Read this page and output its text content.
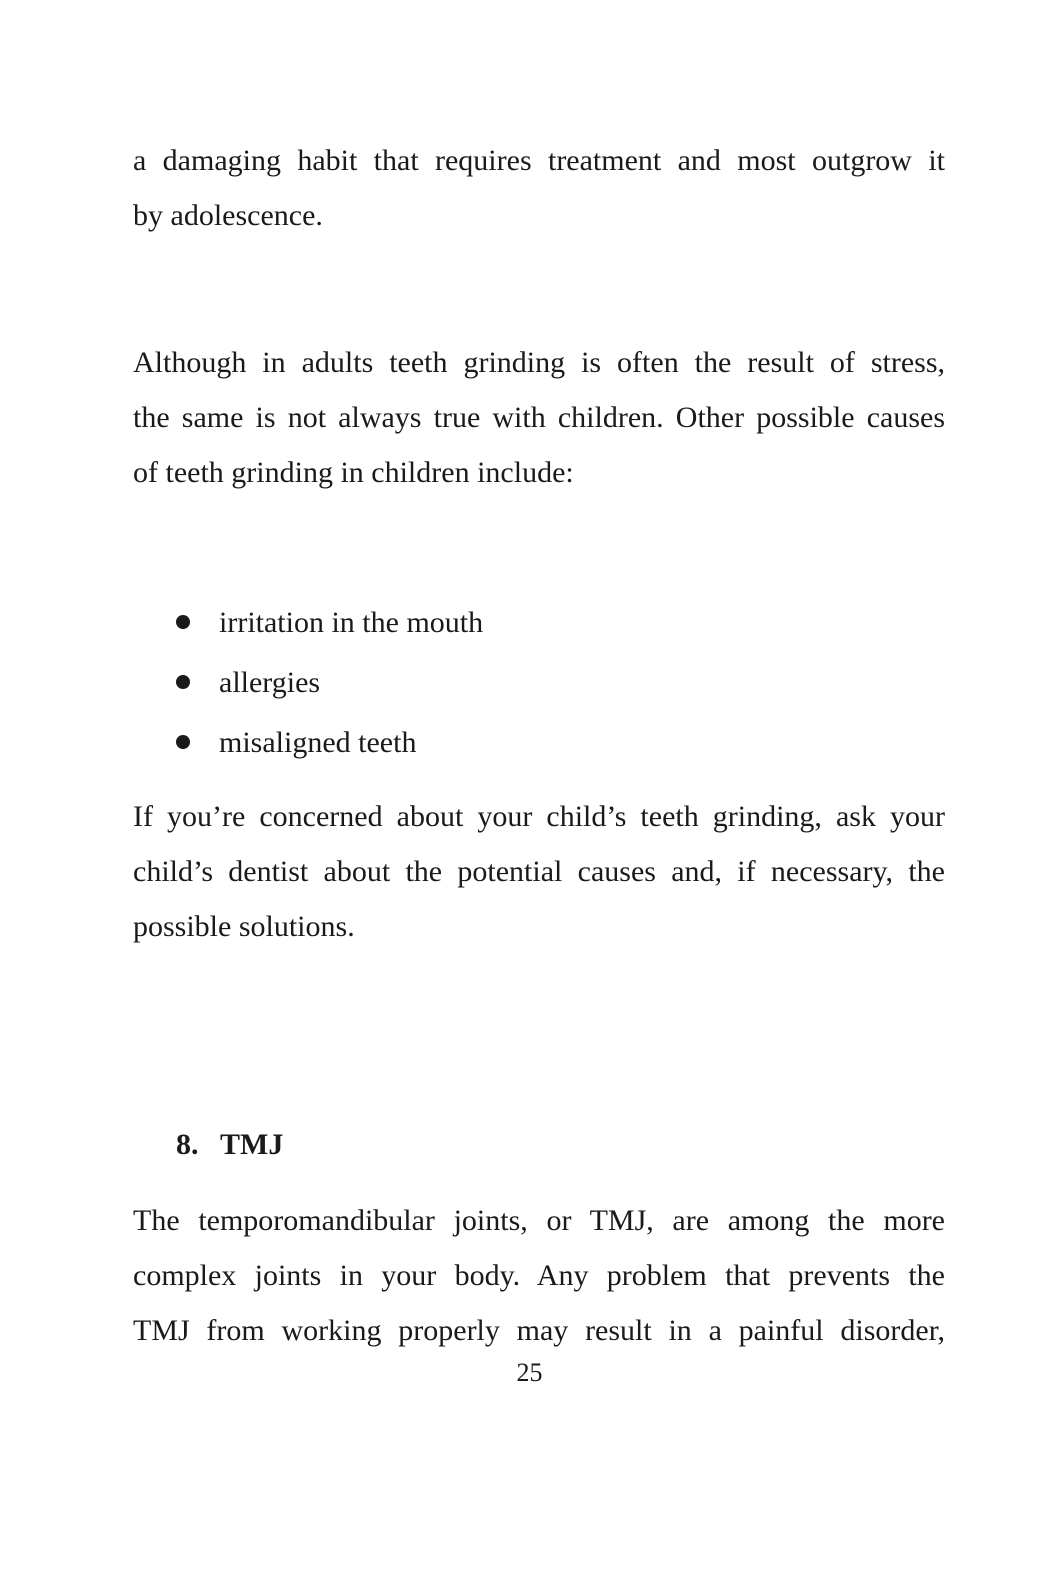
a damaging habit that requires treatment and most outgrow it
by adolescence.
Although in adults teeth grinding is often the result of stress,
the same is not always true with children. Other possible causes
of teeth grinding in children include:
irritation in the mouth
allergies
misaligned teeth
If you’re concerned about your child’s teeth grinding, ask your
child’s dentist about the potential causes and, if necessary, the
possible solutions.
8. TMJ
The temporomandibular joints, or TMJ, are among the more
complex joints in your body. Any problem that prevents the
TMJ from working properly may result in a painful disorder,
25
